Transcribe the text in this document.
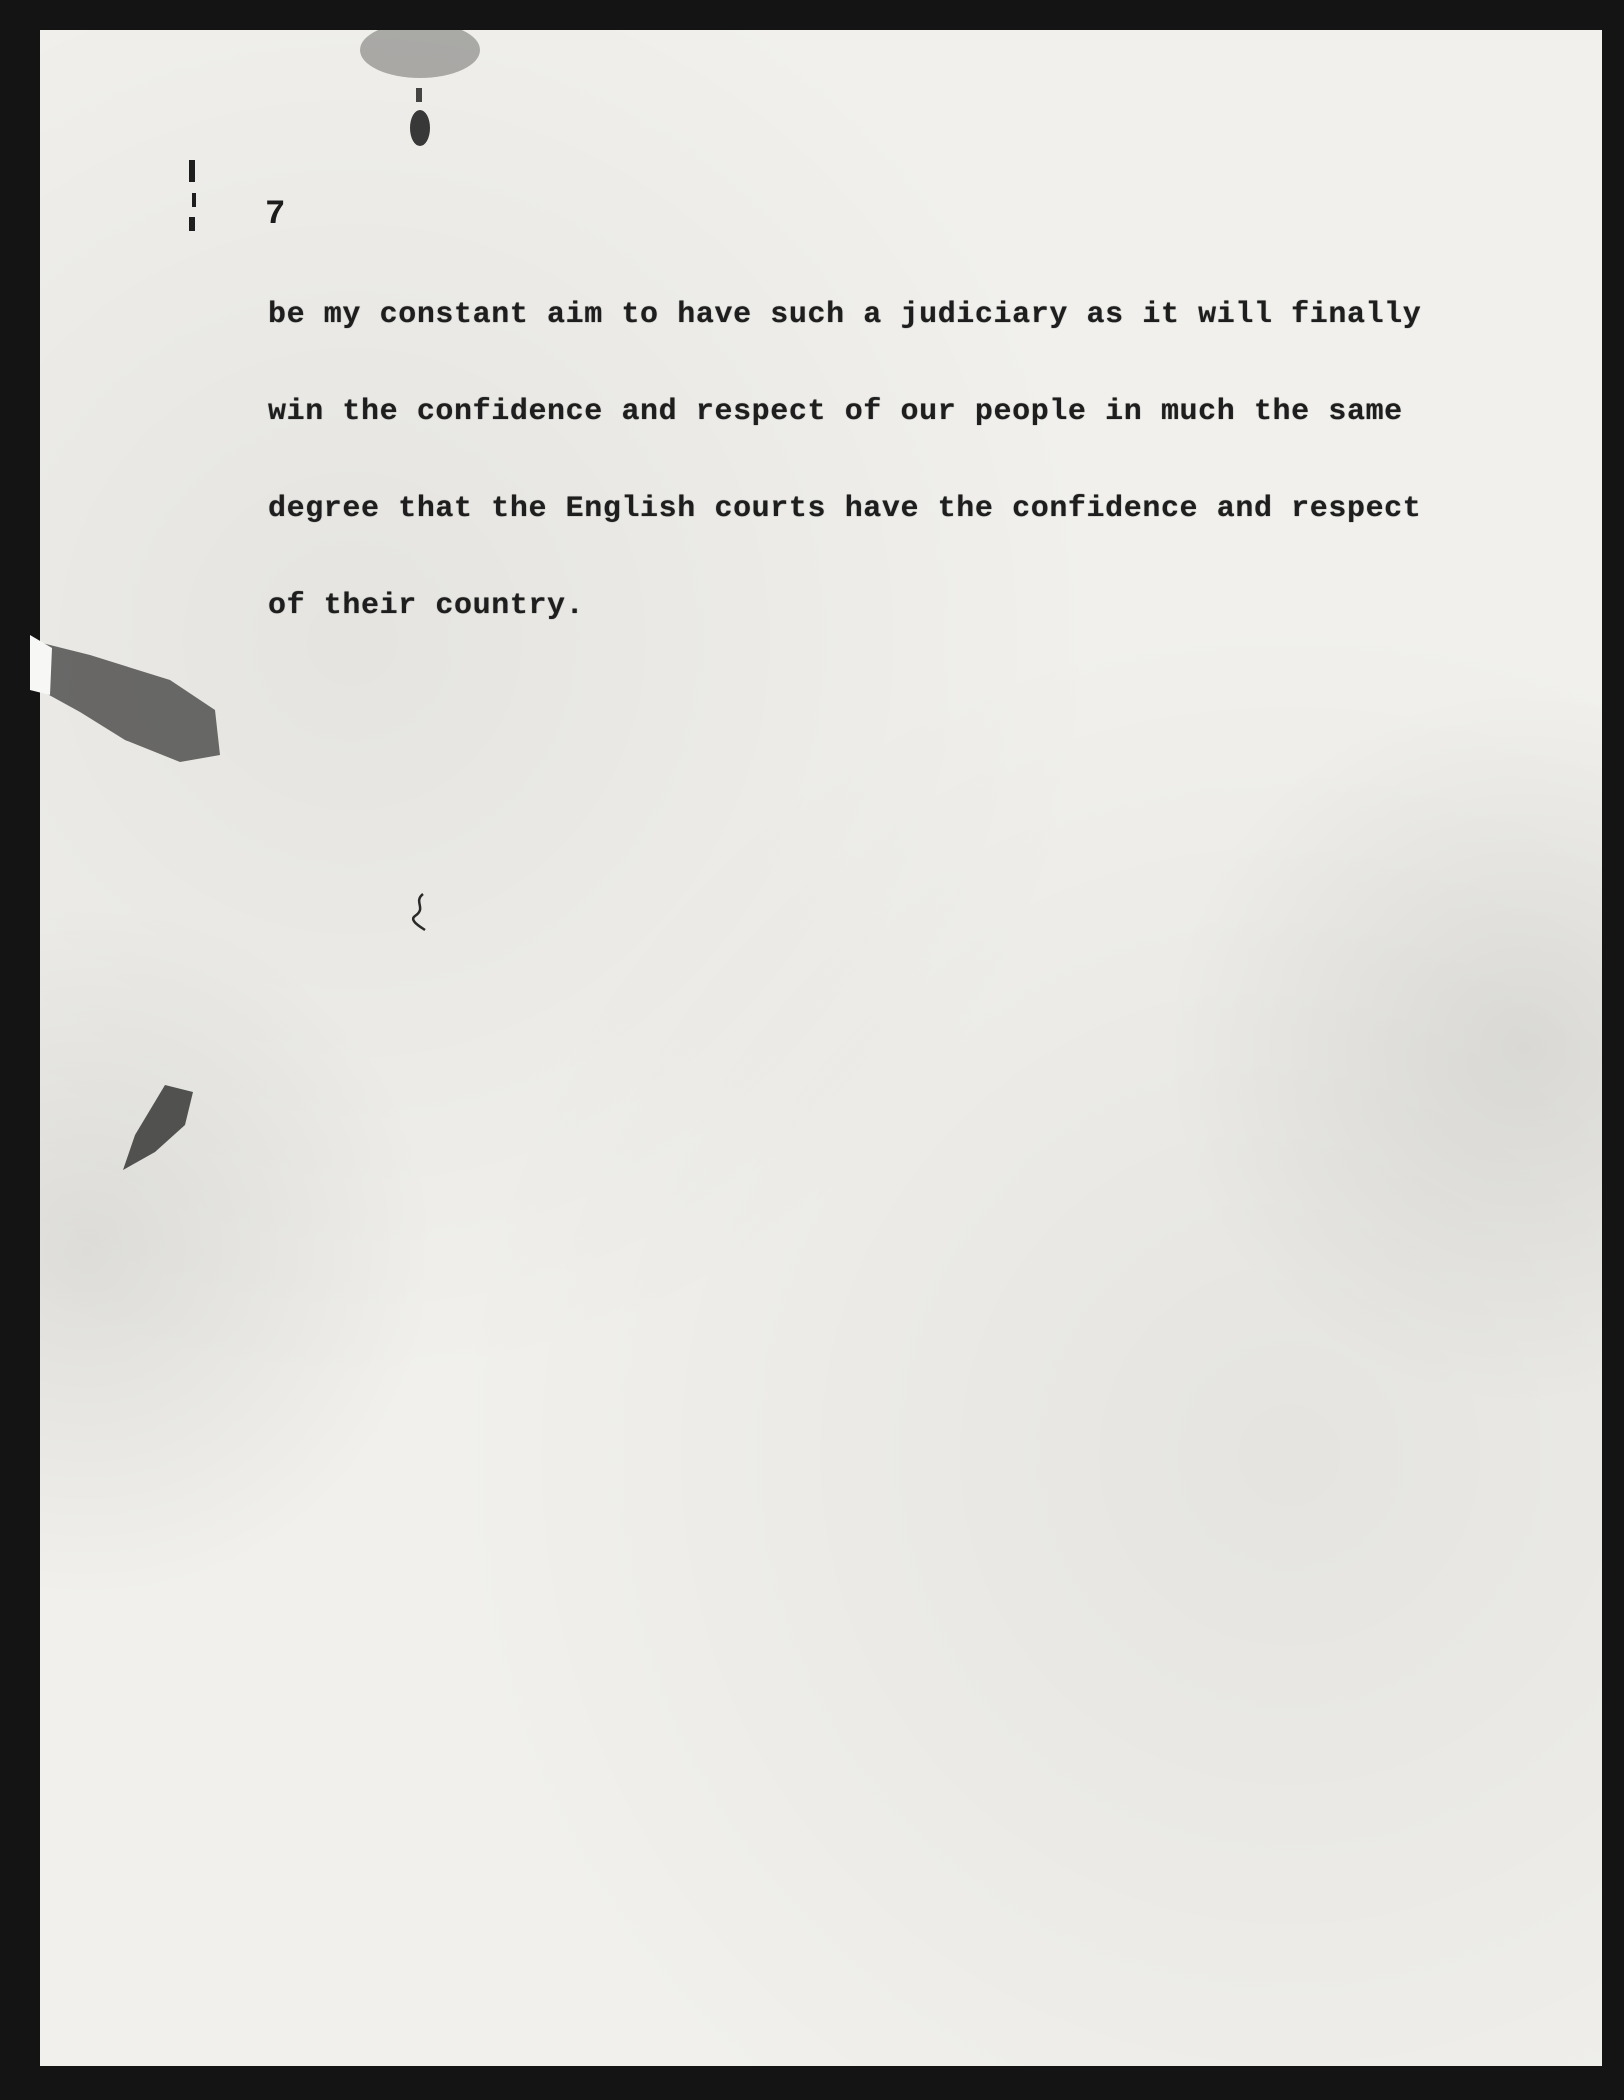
7
be my constant aim to have such a judiciary as it will finally
win the confidence and respect of our people in much the same
degree that the English courts have the confidence and respect
of their country.
